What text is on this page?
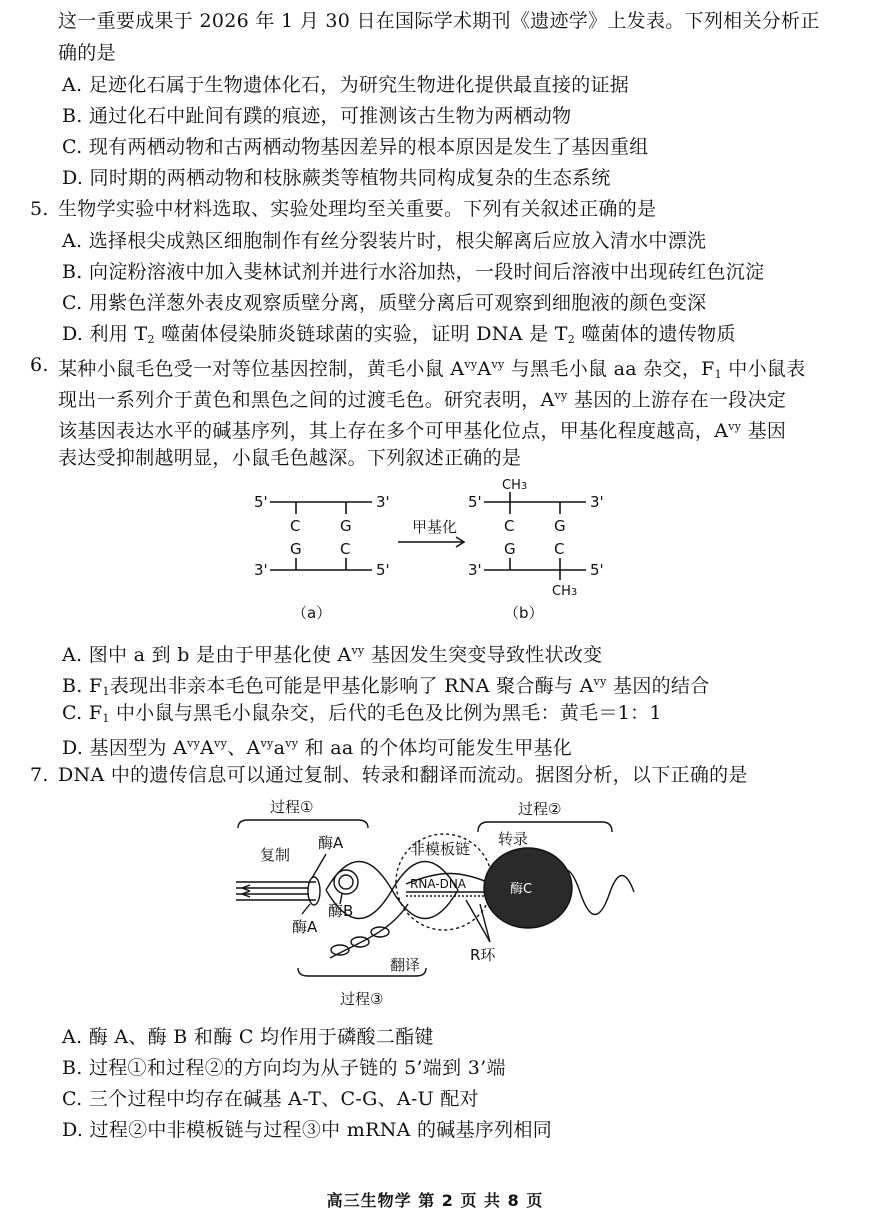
这一重要成果于 2026 年 1 月 30 日在国际学术期刊《遗迹学》上发表。下列相关分析正
确的是
A. 足迹化石属于生物遗体化石，为研究生物进化提供最直接的证据
B. 通过化石中趾间有蹼的痕迹，可推测该古生物为两栖动物
C. 现有两栖动物和古两栖动物基因差异的根本原因是发生了基因重组
D. 同时期的两栖动物和枝脉蕨类等植物共同构成复杂的生态系统
5. 生物学实验中材料选取、实验处理均至关重要。下列有关叙述正确的是
A. 选择根尖成熟区细胞制作有丝分裂装片时，根尖解离后应放入清水中漂洗
B. 向淀粉溶液中加入斐林试剂并进行水浴加热，一段时间后溶液中出现砖红色沉淀
C. 用紫色洋葱外表皮观察质壁分离，质壁分离后可观察到细胞液的颜色变深
D. 利用 $T_2$ 噬菌体侵染肺炎链球菌的实验，证明 DNA 是 $T_2$ 噬菌体的遗传物质
6. 某种小鼠毛色受一对等位基因控制，黄毛小鼠 $A^{vy}A^{vy}$ 与黑毛小鼠 aa 杂交，$F_1$ 中小鼠表
现出一系列介于黄色和黑色之间的过渡毛色。研究表明，$A^{vy}$ 基因的上游存在一段决定
该基因表达水平的碱基序列，其上存在多个可甲基化位点，甲基化程度越高，$A^{vy}$ 基因
表达受抑制越明显，小鼠毛色越深。下列叙述正确的是
5'	3'
3'	5'
C	G
G	C
甲基化
5'	3'
3'	5'
C	G
G	C
CH3
CH3
（a）	（b）
A. 图中 a 到 b 是由于甲基化使 $A^{vy}$ 基因发生突变导致性状改变
B. $F_1$表现出非亲本毛色可能是甲基化影响了 RNA 聚合酶与 $A^{vy}$ 基因的结合
C. $F_1$ 中小鼠与黑毛小鼠杂交，后代的毛色及比例为黑毛：黄毛＝1：1
D. 基因型为 $A^{vy}A^{vy}$、$A^{vy}a^{vy}$ 和 aa 的个体均可能发生甲基化
7. DNA 中的遗传信息可以通过复制、转录和翻译而流动。据图分析，以下正确的是
过程①	过程②
过程③
复制
酶A
酶B
酶A
非模板链
转录
RNA-DNA	酶C
R环
翻译
A. 酶 A、酶 B 和酶 C 均作用于磷酸二酯键
B. 过程①和过程②的方向均为从子链的 5’端到 3’端
C. 三个过程中均存在碱基 A-T、C-G、A-U 配对
D. 过程②中非模板链与过程③中 mRNA 的碱基序列相同
高三生物学 第 2 页 共 8 页
